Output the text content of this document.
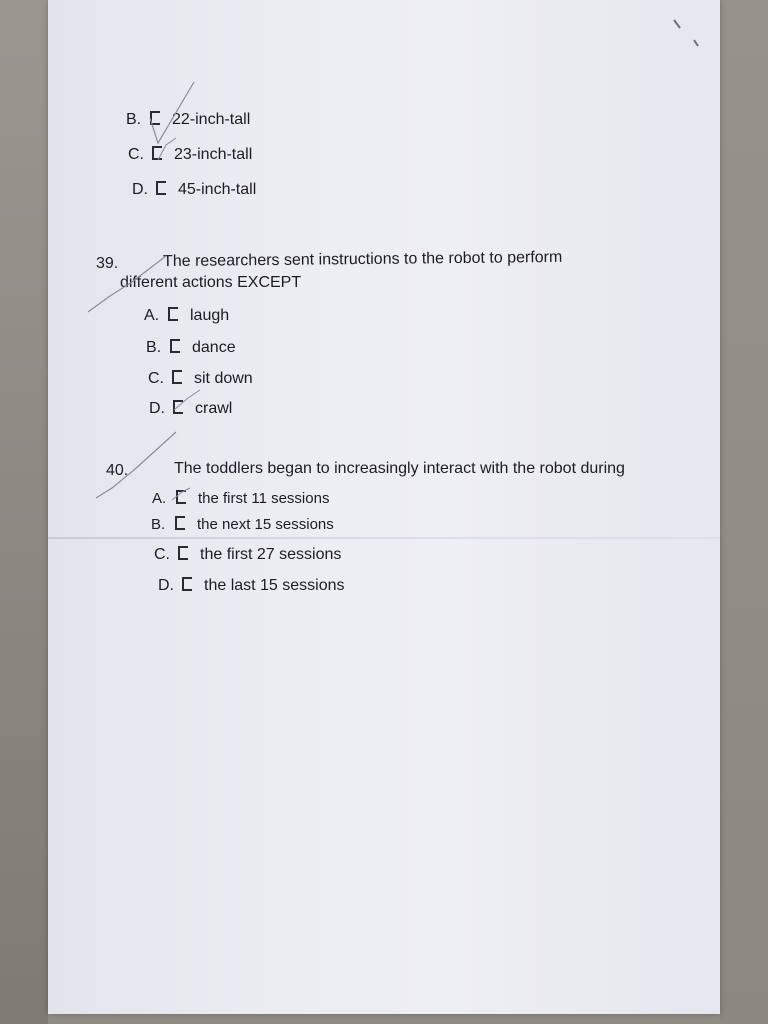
B. 22-inch-tall
C. 23-inch-tall
D. 45-inch-tall
39.	The researchers sent instructions to the robot to perform
different actions EXCEPT
A. laugh
B. dance
C. sit down
D. crawl
40.	The toddlers began to increasingly interact with the robot during
A. the first 11 sessions
B. the next 15 sessions
C. the first 27 sessions
D. the last 15 sessions
